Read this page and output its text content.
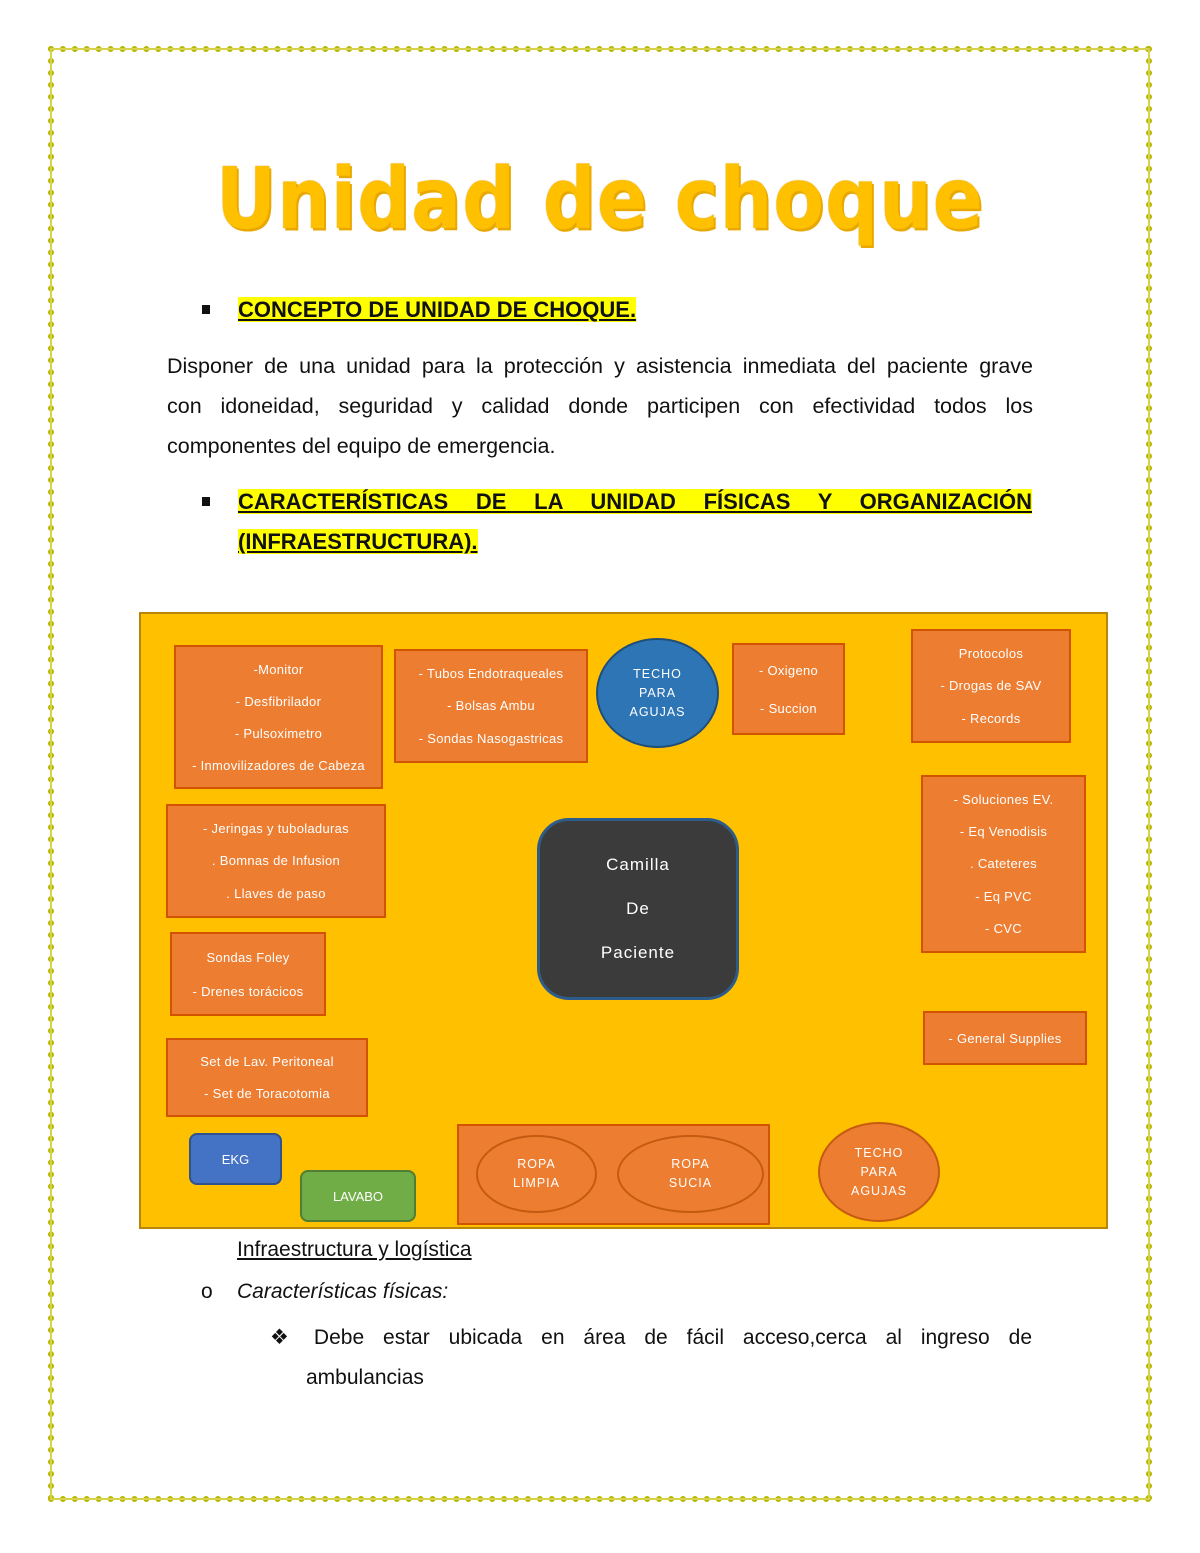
Unidad de choque
CONCEPTO DE UNIDAD DE CHOQUE.
Disponer de una unidad para la protección y asistencia inmediata del paciente grave
con idoneidad, seguridad y calidad donde participen con efectividad todos los
componentes del equipo de emergencia.
CARACTERÍSTICAS DE LA UNIDAD FÍSICAS Y ORGANIZACIÓN
(INFRAESTRUCTURA).
-Monitor
- Desfibrilador
- Pulsoximetro
- Inmovilizadores de Cabeza
- Tubos Endotraqueales
- Bolsas Ambu
- Sondas Nasogastricas
TECHO
PARA
AGUJAS
- Oxigeno
- Succion
Protocolos
- Drogas de SAV
- Records
- Jeringas y tuboladuras
. Bomnas de Infusion
. Llaves de paso
Camilla
De
Paciente
- Soluciones EV.
- Eq Venodisis
. Cateteres
- Eq PVC
- CVC
Sondas Foley
- Drenes torácicos
- General Supplies
Set de Lav. Peritoneal
- Set de Toracotomia
EKG
LAVABO
ROPA
LIMPIA
ROPA
SUCIA
TECHO
PARA
AGUJAS
Infraestructura y logística
o Características físicas:
❖ Debe estar ubicada en área de fácil acceso,cerca al ingreso de
ambulancias
